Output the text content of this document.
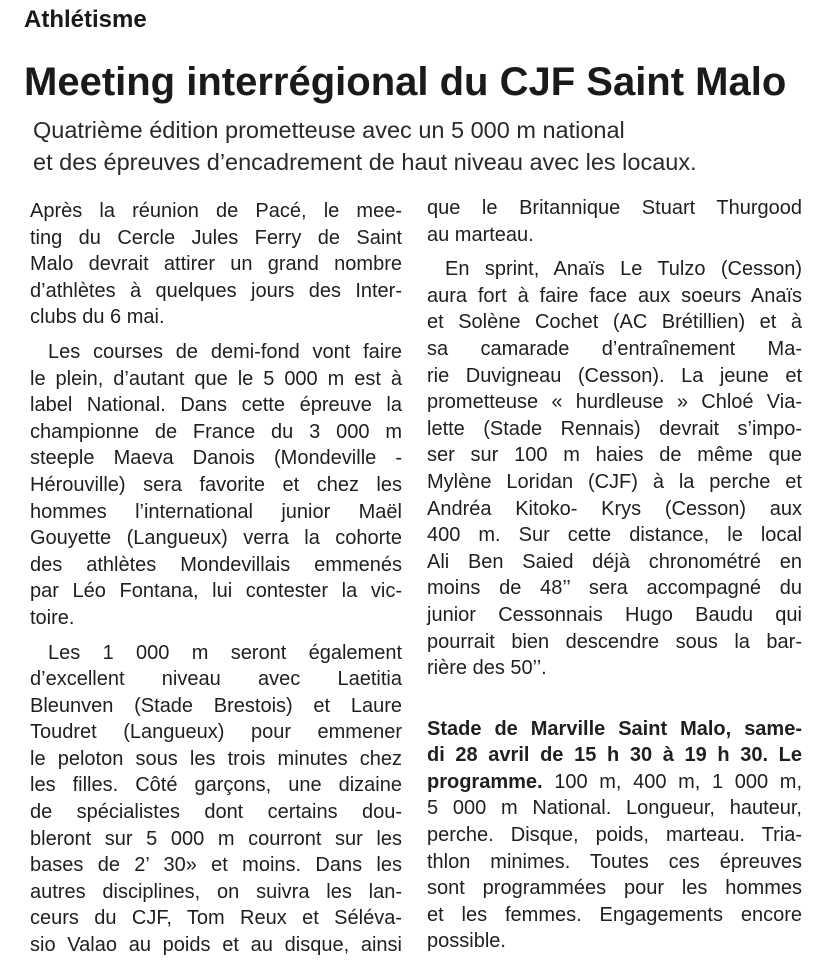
Athlétisme
Meeting interrégional du CJF Saint Malo
Quatrième édition prometteuse avec un 5 000 m national
et des épreuves d’encadrement de haut niveau avec les locaux.
Après la réunion de Pacé, le mee-
ting du Cercle Jules Ferry de Saint
Malo devrait attirer un grand nombre
d’athlètes à quelques jours des Inter-
clubs du 6 mai.
Les courses de demi-fond vont faire
le plein, d’autant que le 5 000 m est à
label National. Dans cette épreuve la
championne de France du 3 000 m
steeple Maeva Danois (Mondeville -
Hérouville) sera favorite et chez les
hommes l’international junior Maël
Gouyette (Langueux) verra la cohorte
des athlètes Mondevillais emmenés
par Léo Fontana, lui contester la vic-
toire.
Les 1 000 m seront également
d’excellent niveau avec Laetitia
Bleunven (Stade Brestois) et Laure
Toudret (Langueux) pour emmener
le peloton sous les trois minutes chez
les filles. Côté garçons, une dizaine
de spécialistes dont certains dou-
bleront sur 5 000 m courront sur les
bases de 2’ 30» et moins. Dans les
autres disciplines, on suivra les lan-
ceurs du CJF, Tom Reux et Séléva-
sio Valao au poids et au disque, ainsi
que le Britannique Stuart Thurgood
au marteau.
En sprint, Anaïs Le Tulzo (Cesson)
aura fort à faire face aux soeurs Anaïs
et Solène Cochet (AC Brétillien) et à
sa camarade d’entraînement Ma-
rie Duvigneau (Cesson). La jeune et
prometteuse « hurdleuse » Chloé Via-
lette (Stade Rennais) devrait s’impo-
ser sur 100 m haies de même que
Mylène Loridan (CJF) à la perche et
Andréa Kitoko- Krys (Cesson) aux
400 m. Sur cette distance, le local
Ali Ben Saied déjà chronométré en
moins de 48’’ sera accompagné du
junior Cessonnais Hugo Baudu qui
pourrait bien descendre sous la bar-
rière des 50’’.
Stade de Marville Saint Malo, same-
di 28 avril de 15 h 30 à 19 h 30. Le
programme. 100 m, 400 m, 1 000 m,
5 000 m National. Longueur, hauteur,
perche. Disque, poids, marteau. Tria-
thlon minimes. Toutes ces épreuves
sont programmées pour les hommes
et les femmes. Engagements encore
possible.
